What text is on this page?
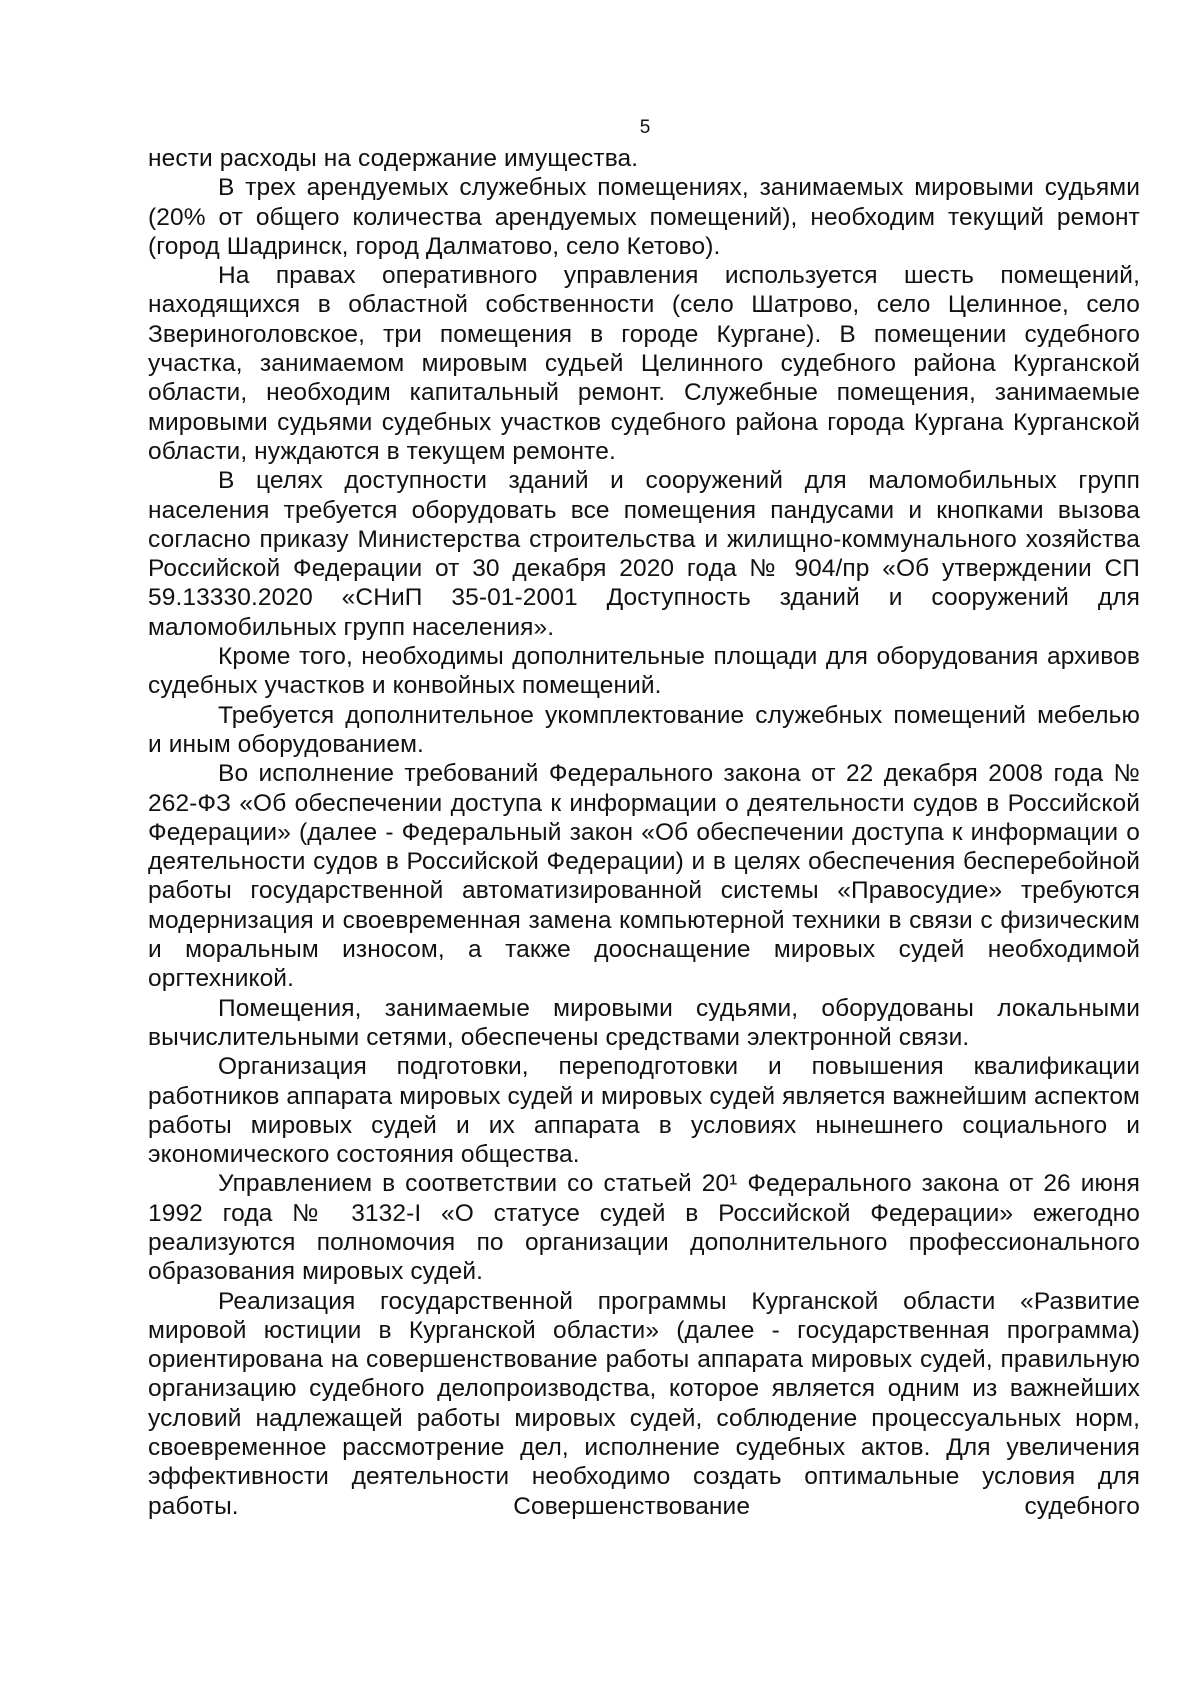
5

нести расходы на содержание имущества.

В трех арендуемых служебных помещениях, занимаемых мировыми судьями (20% от общего количества арендуемых помещений), необходим текущий ремонт (город Шадринск, город Далматово, село Кетово).

На правах оперативного управления используется шесть помещений, находящихся в областной собственности (село Шатрово, село Целинное, село Звериноголовское, три помещения в городе Кургане). В помещении судебного участка, занимаемом мировым судьей Целинного судебного района Курганской области, необходим капитальный ремонт. Служебные помещения, занимаемые мировыми судьями судебных участков судебного района города Кургана Курганской области, нуждаются в текущем ремонте.

В целях доступности зданий и сооружений для маломобильных групп населения требуется оборудовать все помещения пандусами и кнопками вызова согласно приказу Министерства строительства и жилищно-коммунального хозяйства Российской Федерации от 30 декабря 2020 года № 904/пр «Об утверждении СП 59.13330.2020 «СНиП 35-01-2001 Доступность зданий и сооружений для маломобильных групп населения».

Кроме того, необходимы дополнительные площади для оборудования архивов судебных участков и конвойных помещений.

Требуется дополнительное укомплектование служебных помещений мебелью и иным оборудованием.

Во исполнение требований Федерального закона от 22 декабря 2008 года № 262-ФЗ «Об обеспечении доступа к информации о деятельности судов в Российской Федерации» (далее - Федеральный закон «Об обеспечении доступа к информации о деятельности судов в Российской Федерации) и в целях обеспечения бесперебойной работы государственной автоматизированной системы «Правосудие» требуются модернизация и своевременная замена компьютерной техники в связи с физическим и моральным износом, а также дооснащение мировых судей необходимой оргтехникой.

Помещения, занимаемые мировыми судьями, оборудованы локальными вычислительными сетями, обеспечены средствами электронной связи.

Организация подготовки, переподготовки и повышения квалификации работников аппарата мировых судей и мировых судей является важнейшим аспектом работы мировых судей и их аппарата в условиях нынешнего социального и экономического состояния общества.

Управлением в соответствии со статьей 20¹ Федерального закона от 26 июня 1992 года № 3132-I «О статусе судей в Российской Федерации» ежегодно реализуются полномочия по организации дополнительного профессионального образования мировых судей.

Реализация государственной программы Курганской области «Развитие мировой юстиции в Курганской области» (далее - государственная программа) ориентирована на совершенствование работы аппарата мировых судей, правильную организацию судебного делопроизводства, которое является одним из важнейших условий надлежащей работы мировых судей, соблюдение процессуальных норм, своевременное рассмотрение дел, исполнение судебных актов. Для увеличения эффективности деятельности необходимо создать оптимальные условия для работы. Совершенствование судебного
